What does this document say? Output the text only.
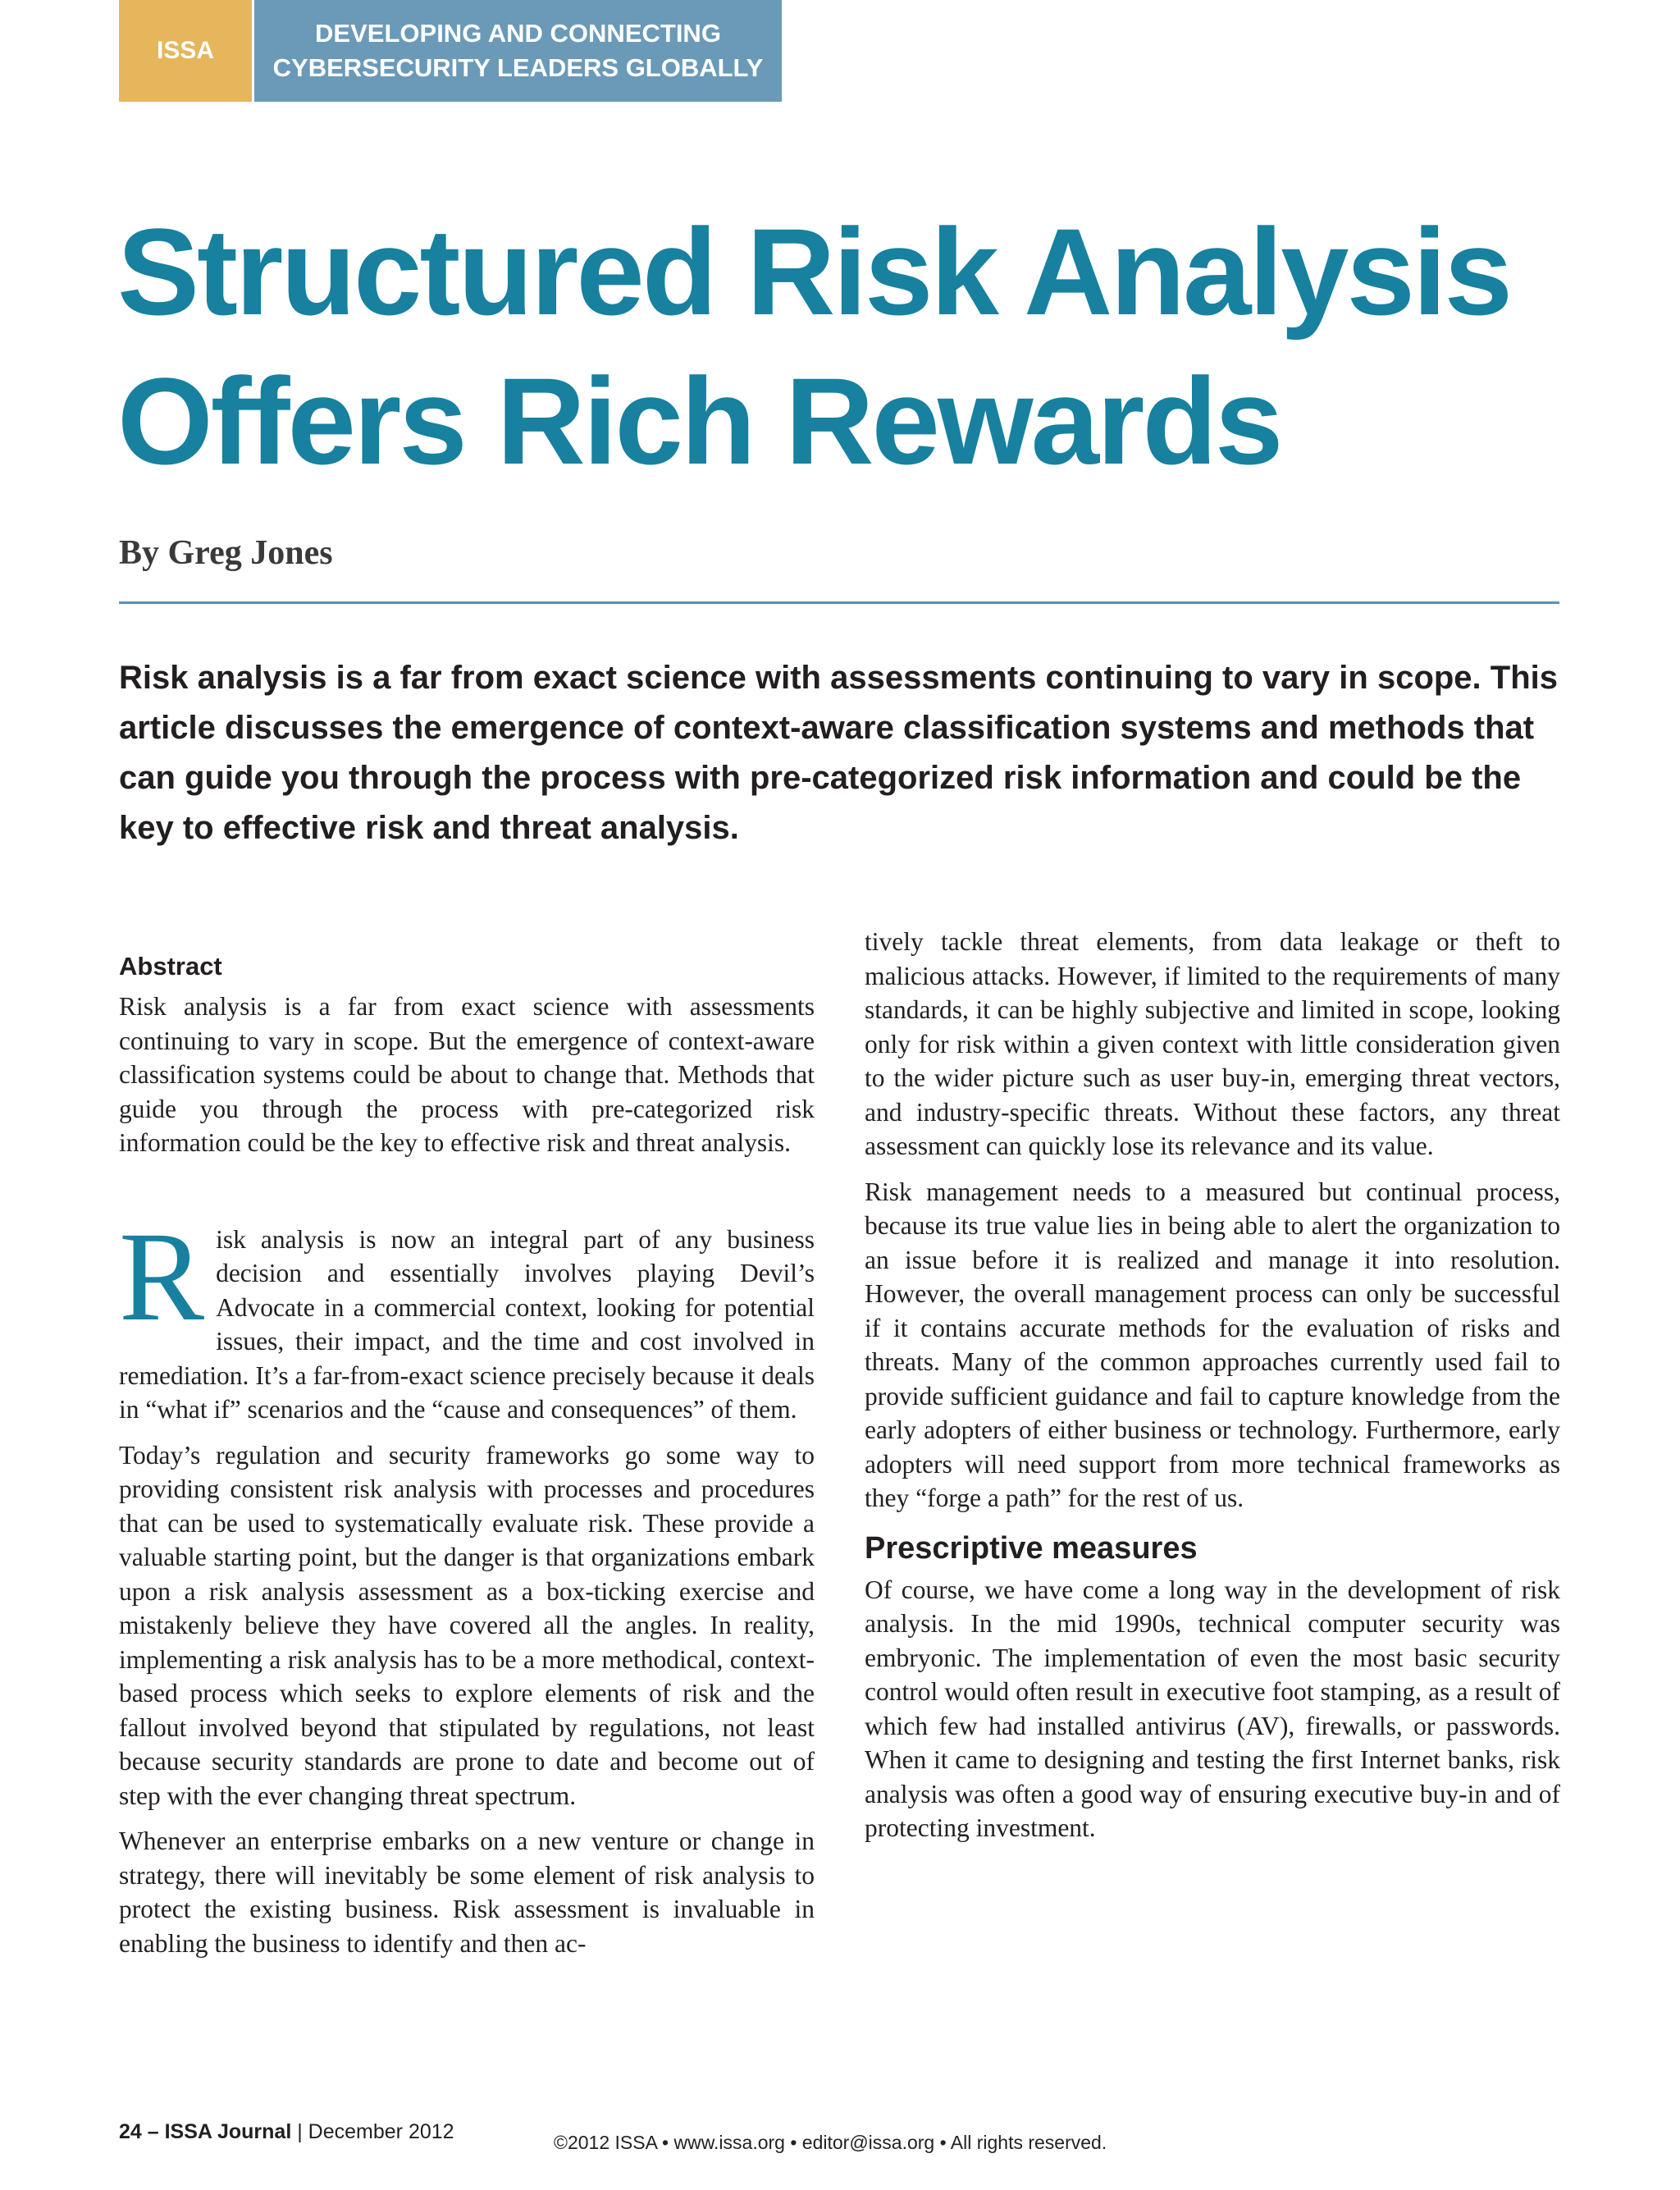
ISSA
DEVELOPING AND CONNECTING
CYBERSECURITY LEADERS GLOBALLY
Structured Risk Analysis
Offers Rich Rewards
By Greg Jones

Risk analysis is a far from exact science with assessments continuing to vary in scope. This article discusses the emergence of context-aware classification systems and methods that can guide you through the process with pre-categorized risk information and could be the key to effective risk and threat analysis.

Abstract

Risk analysis is a far from exact science with assessments continuing to vary in scope. But the emergence of context-aware classification systems could be about to change that. Methods that guide you through the process with pre-categorized risk information could be the key to effective risk and threat analysis.

Risk analysis is now an integral part of any business decision and essentially involves playing Devil’s Advocate in a commercial context, looking for potential issues, their impact, and the time and cost involved in remediation. It’s a far-from-exact science precisely because it deals in “what if” scenarios and the “cause and consequences” of them.

Today’s regulation and security frameworks go some way to providing consistent risk analysis with processes and procedures that can be used to systematically evaluate risk. These provide a valuable starting point, but the danger is that organizations embark upon a risk analysis assessment as a box-ticking exercise and mistakenly believe they have covered all the angles. In reality, implementing a risk analysis has to be a more methodical, context-based process which seeks to explore elements of risk and the fallout involved beyond that stipulated by regulations, not least because security standards are prone to date and become out of step with the ever changing threat spectrum.

Whenever an enterprise embarks on a new venture or change in strategy, there will inevitably be some element of risk analysis to protect the existing business. Risk assessment is invaluable in enabling the business to identify and then ac-

tively tackle threat elements, from data leakage or theft to malicious attacks. However, if limited to the requirements of many standards, it can be highly subjective and limited in scope, looking only for risk within a given context with little consideration given to the wider picture such as user buy-in, emerging threat vectors, and industry-specific threats. Without these factors, any threat assessment can quickly lose its relevance and its value.

Risk management needs to a measured but continual process, because its true value lies in being able to alert the organization to an issue before it is realized and manage it into resolution. However, the overall management process can only be successful if it contains accurate methods for the evaluation of risks and threats. Many of the common approaches currently used fail to provide sufficient guidance and fail to capture knowledge from the early adopters of either business or technology. Furthermore, early adopters will need support from more technical frameworks as they “forge a path” for the rest of us.

Prescriptive measures

Of course, we have come a long way in the development of risk analysis. In the mid 1990s, technical computer security was embryonic. The implementation of even the most basic security control would often result in executive foot stamping, as a result of which few had installed antivirus (AV), firewalls, or passwords. When it came to designing and testing the first Internet banks, risk analysis was often a good way of ensuring executive buy-in and of protecting investment.

24 – ISSA Journal | December 2012	©2012 ISSA • www.issa.org • editor@issa.org • All rights reserved.
